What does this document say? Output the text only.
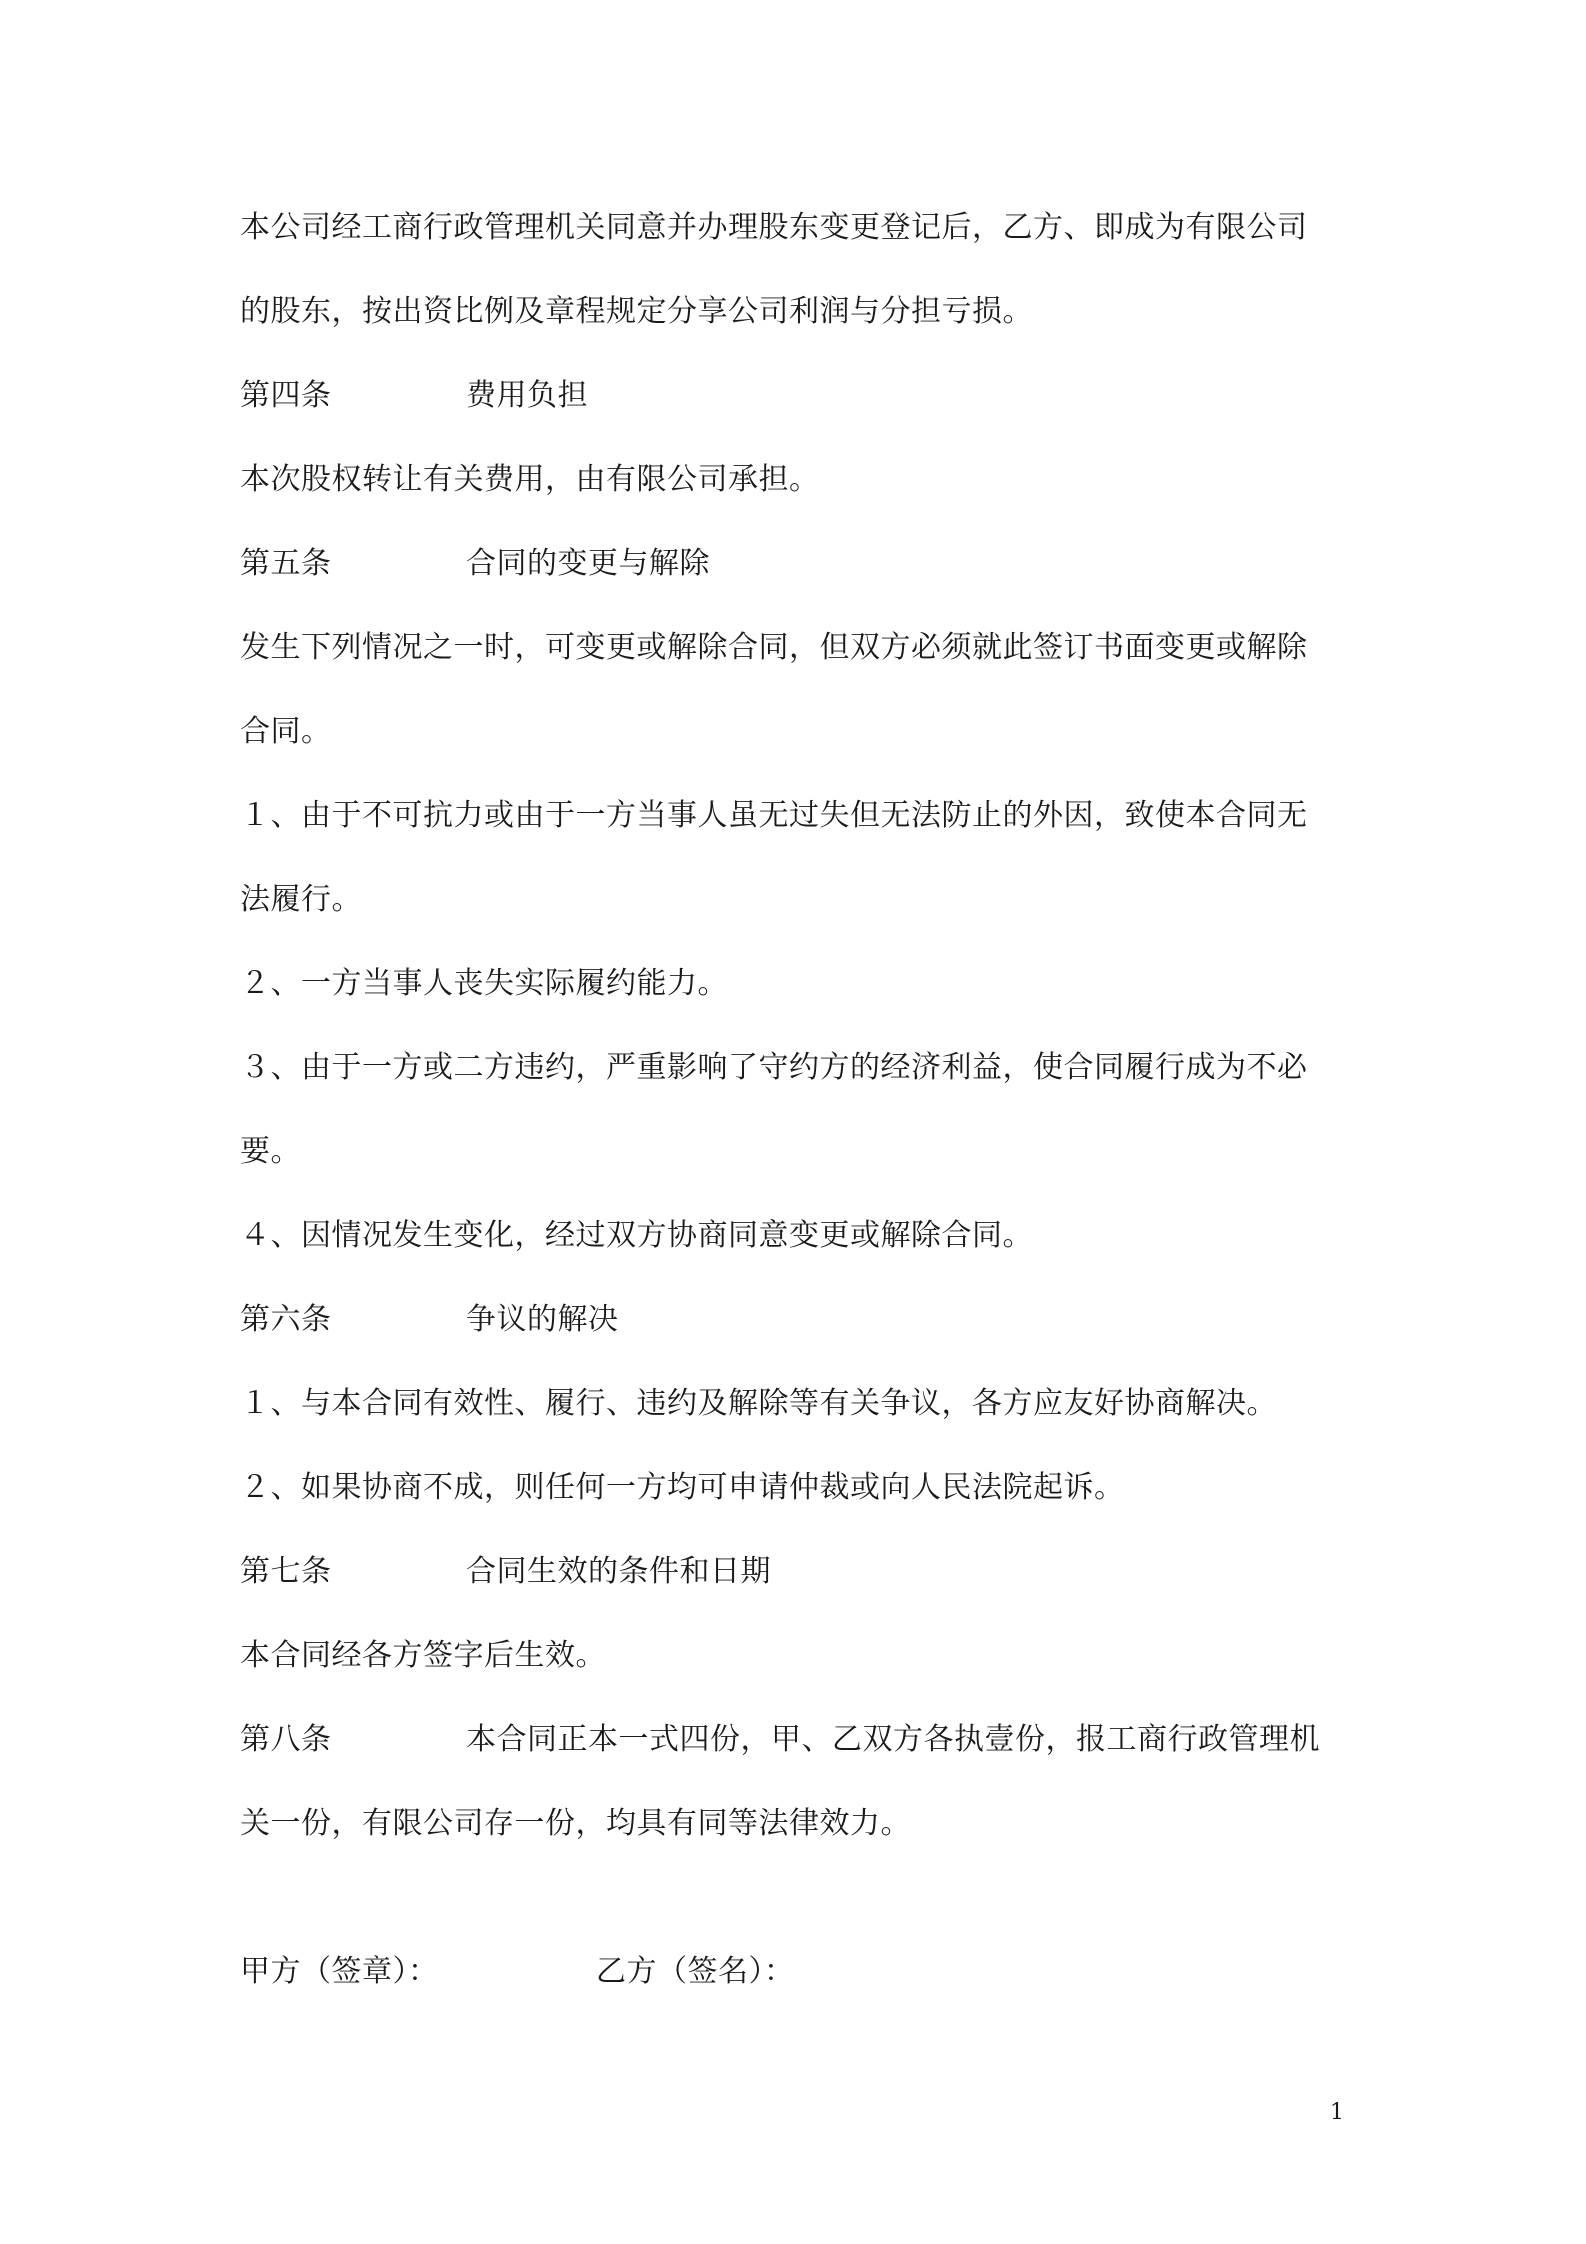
本公司经工商行政管理机关同意并办理股东变更登记后，乙方、即成为有限公司
的股东，按出资比例及章程规定分享公司利润与分担亏损。
第四条	费用负担
本次股权转让有关费用，由有限公司承担。
第五条	合同的变更与解除
发生下列情况之一时，可变更或解除合同，但双方必须就此签订书面变更或解除
合同。
１、由于不可抗力或由于一方当事人虽无过失但无法防止的外因，致使本合同无
法履行。
２、一方当事人丧失实际履约能力。
３、由于一方或二方违约，严重影响了守约方的经济利益，使合同履行成为不必
要。
４、因情况发生变化，经过双方协商同意变更或解除合同。
第六条	争议的解决
１、与本合同有效性、履行、违约及解除等有关争议，各方应友好协商解决。
２、如果协商不成，则任何一方均可申请仲裁或向人民法院起诉。
第七条	合同生效的条件和日期
本合同经各方签字后生效。
第八条	本合同正本一式四份，甲、乙双方各执壹份，报工商行政管理机
关一份，有限公司存一份，均具有同等法律效力。
甲方（签章）：	乙方（签名）：
1
